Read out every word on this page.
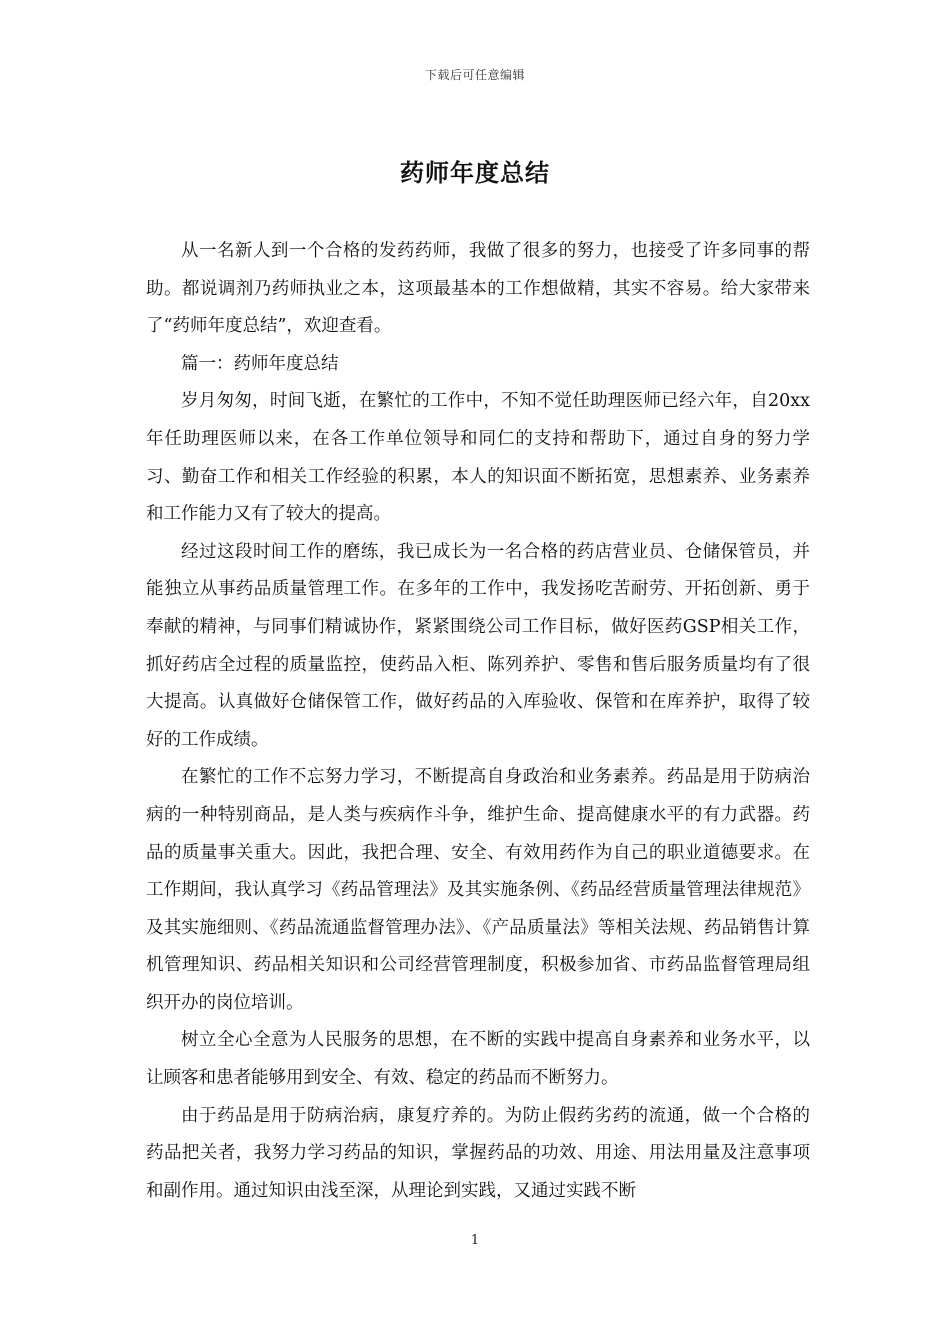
下载后可任意编辑
药师年度总结

从一名新人到一个合格的发药药师，我做了很多的努力，也接受了许多同事的帮助。都说调剂乃药师执业之本，这项最基本的工作想做精，其实不容易。给大家带来了“药师年度总结”，欢迎查看。

篇一：药师年度总结

岁月匆匆，时间飞逝，在繁忙的工作中，不知不觉任助理医师已经六年，自20xx年任助理医师以来，在各工作单位领导和同仁的支持和帮助下，通过自身的努力学习、勤奋工作和相关工作经验的积累，本人的知识面不断拓宽，思想素养、业务素养和工作能力又有了较大的提高。

经过这段时间工作的磨练，我已成长为一名合格的药店营业员、仓储保管员，并能独立从事药品质量管理工作。在多年的工作中，我发扬吃苦耐劳、开拓创新、勇于奉献的精神，与同事们精诚协作，紧紧围绕公司工作目标，做好医药GSP相关工作，抓好药店全过程的质量监控，使药品入柜、陈列养护、零售和售后服务质量均有了很大提高。认真做好仓储保管工作，做好药品的入库验收、保管和在库养护，取得了较好的工作成绩。

在繁忙的工作不忘努力学习，不断提高自身政治和业务素养。药品是用于防病治病的一种特别商品，是人类与疾病作斗争，维护生命、提高健康水平的有力武器。药品的质量事关重大。因此，我把合理、安全、有效用药作为自己的职业道德要求。在工作期间，我认真学习《药品管理法》及其实施条例、《药品经营质量管理法律规范》及其实施细则、《药品流通监督管理办法》、《产品质量法》等相关法规、药品销售计算机管理知识、药品相关知识和公司经营管理制度，积极参加省、市药品监督管理局组织开办的岗位培训。

树立全心全意为人民服务的思想，在不断的实践中提高自身素养和业务水平，以让顾客和患者能够用到安全、有效、稳定的药品而不断努力。

由于药品是用于防病治病，康复疗养的。为防止假药劣药的流通，做一个合格的药品把关者，我努力学习药品的知识，掌握药品的功效、用途、用法用量及注意事项和副作用。通过知识由浅至深，从理论到实践，又通过实践不断

1
